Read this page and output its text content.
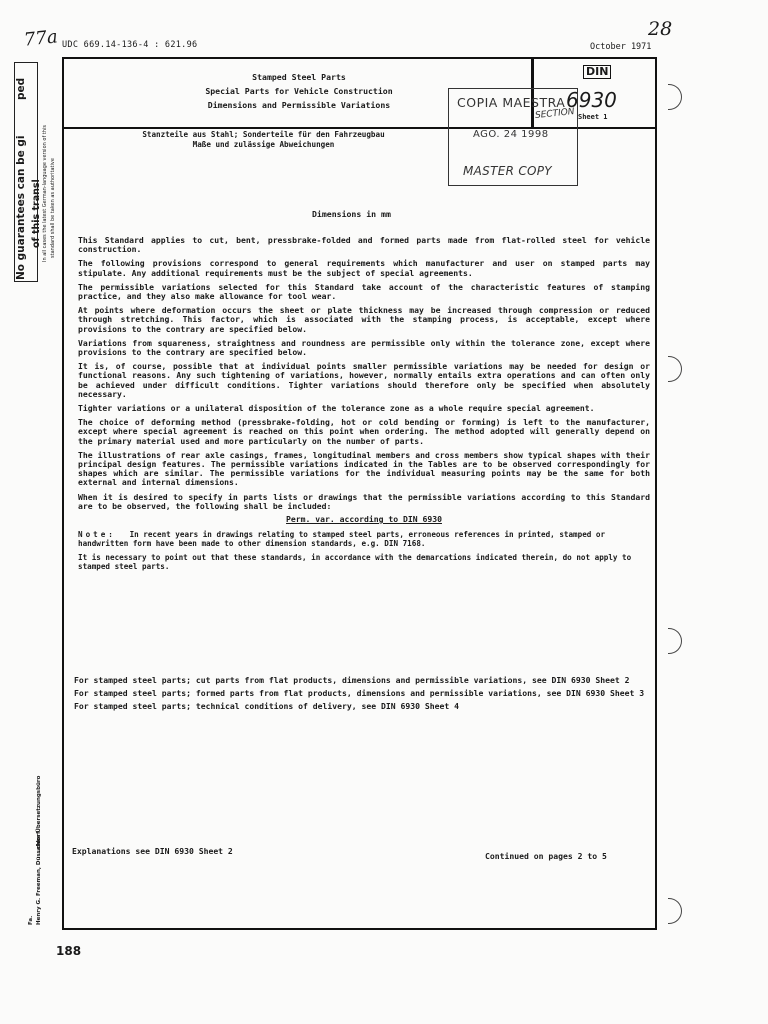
77a	28
UDC 669.14-136-4 : 621.96	October 1971
ped
No guarantees can be gi of this transl In all cases the latest German-language version of this standard shall be taken as authoritative
Fa. Henry G. Freeman, Düsseldorf
...ches Übersetzungsbüro
Stamped Steel Parts
Special Parts for Vehicle Construction
Dimensions and Permissible Variations
DIN
6930
Sheet 1
Stanzteile aus Stahl; Sonderteile für den Fahrzeugbau
Maße und zulässige Abweichungen
COPIA MAESTRA
SECTION
AGO. 24 1998
MASTER COPY
Dimensions in mm

This Standard applies to cut, bent, pressbrake-folded and formed parts made from flat-rolled steel for vehicle construction.

The following provisions correspond to general requirements which manufacturer and user on stamped parts may stipulate. Any additional requirements must be the subject of special agreements.

The permissible variations selected for this Standard take account of the characteristic features of stamping practice, and they also make allowance for tool wear.

At points where deformation occurs the sheet or plate thickness may be increased through compression or reduced through stretching. This factor, which is associated with the stamping process, is acceptable, except where provisions to the contrary are specified below.

Variations from squareness, straightness and roundness are permissible only within the tolerance zone, except where provisions to the contrary are specified below.

It is, of course, possible that at individual points smaller permissible variations may be needed for design or functional reasons. Any such tightening of variations, however, normally entails extra operations and can often only be achieved under difficult conditions. Tighter variations should therefore only be specified when absolutely necessary.

Tighter variations or a unilateral disposition of the tolerance zone as a whole require special agreement.

The choice of deforming method (pressbrake-folding, hot or cold bending or forming) is left to the manufacturer, except where special agreement is reached on this point when ordering. The method adopted will generally depend on the primary material used and more particularly on the number of parts.

The illustrations of rear axle casings, frames, longitudinal members and cross members show typical shapes with their principal design features. The permissible variations indicated in the Tables are to be observed correspondingly for shapes which are similar. The permissible variations for the individual measuring points may be the same for both external and internal dimensions.

When it is desired to specify in parts lists or drawings that the permissible variations according to this Standard are to be observed, the following shall be included:

Perm. var. according to DIN 6930

Note: In recent years in drawings relating to stamped steel parts, erroneous references in printed, stamped or handwritten form have been made to other dimension standards, e.g. DIN 7168.

It is necessary to point out that these standards, in accordance with the demarcations indicated therein, do not apply to stamped steel parts.

For stamped steel parts; cut parts from flat products, dimensions and permissible variations, see DIN 6930 Sheet 2

For stamped steel parts; formed parts from flat products, dimensions and permissible variations, see DIN 6930 Sheet 3

For stamped steel parts; technical conditions of delivery, see DIN 6930 Sheet 4

Explanations see DIN 6930 Sheet 2	Continued on pages 2 to 5
188
